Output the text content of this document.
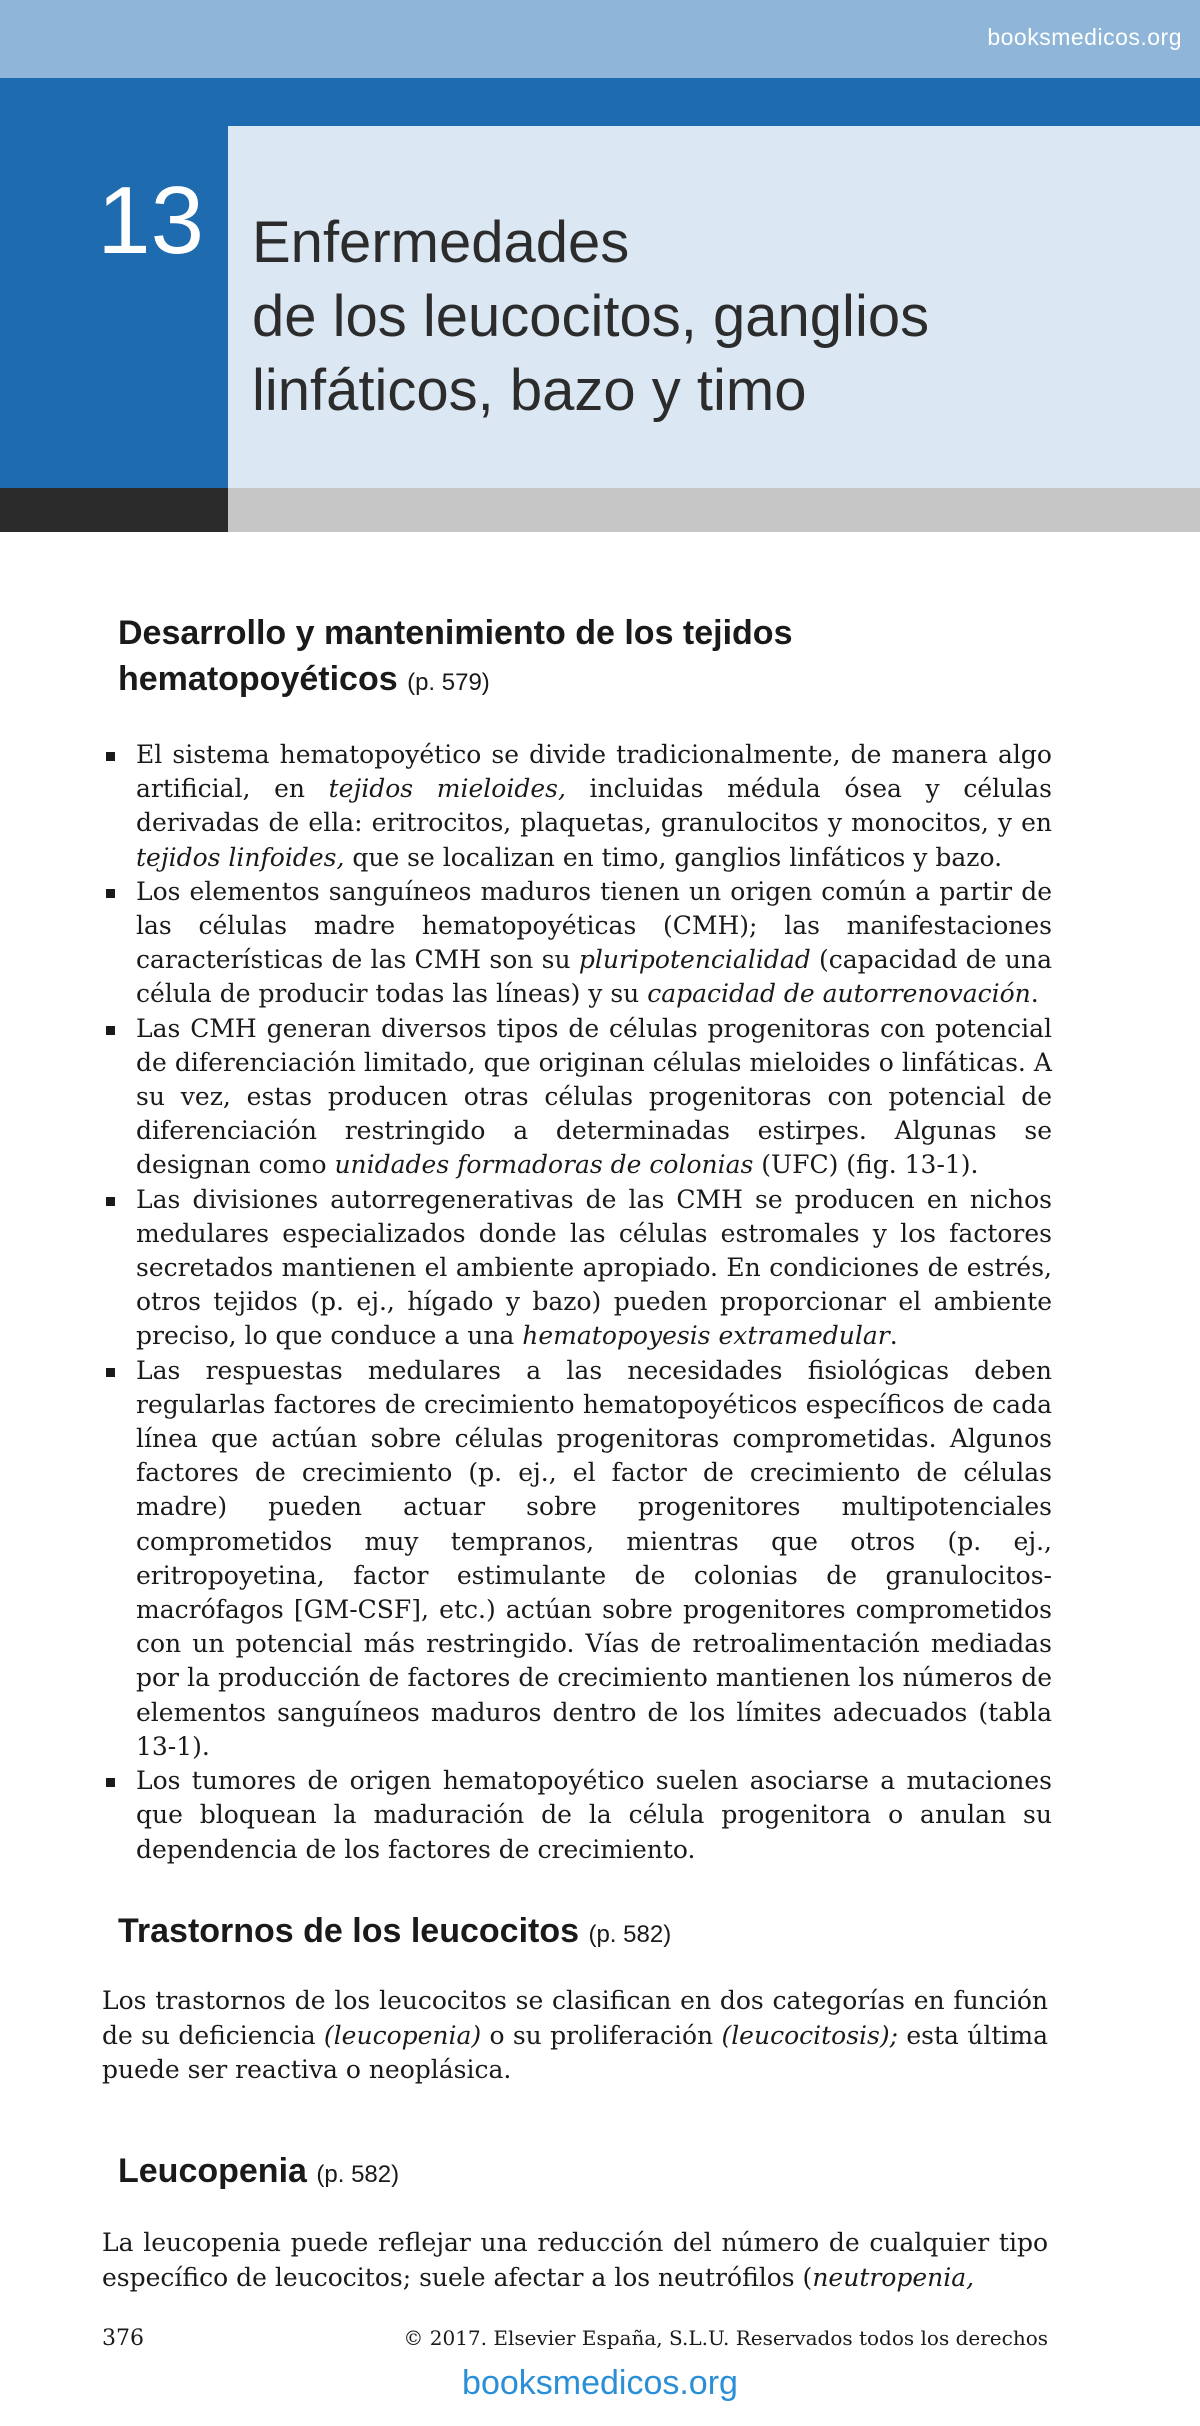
booksmedicos.org
13 Enfermedades
de los leucocitos, ganglios
linfáticos, bazo y timo
Desarrollo y mantenimiento de los tejidos
hematopoyéticos (p. 579)
El sistema hematopoyético se divide tradicionalmente, de manera algo artificial, en tejidos mieloides, incluidas médula ósea y células derivadas de ella: eritrocitos, plaquetas, granulocitos y monocitos, y en tejidos linfoides, que se localizan en timo, ganglios linfáticos y bazo.
Los elementos sanguíneos maduros tienen un origen común a partir de las células madre hematopoyéticas (CMH); las manifestaciones características de las CMH son su pluripotencialidad (capacidad de una célula de producir todas las líneas) y su capacidad de autorrenovación.
Las CMH generan diversos tipos de células progenitoras con potencial de diferenciación limitado, que originan células mieloides o linfáticas. A su vez, estas producen otras células progenitoras con potencial de diferenciación restringido a determinadas estirpes. Algunas se designan como unidades formadoras de colonias (UFC) (fig. 13-1).
Las divisiones autorregenerativas de las CMH se producen en nichos medulares especializados donde las células estromales y los factores secretados mantienen el ambiente apropiado. En condiciones de estrés, otros tejidos (p. ej., hígado y bazo) pueden proporcionar el ambiente preciso, lo que conduce a una hematopoyesis extramedular.
Las respuestas medulares a las necesidades fisiológicas deben regularlas factores de crecimiento hematopoyéticos específicos de cada línea que actúan sobre células progenitoras comprometidas. Algunos factores de crecimiento (p. ej., el factor de crecimiento de células madre) pueden actuar sobre progenitores multipotenciales comprometidos muy tempranos, mientras que otros (p. ej., eritropoyetina, factor estimulante de colonias de granulocitos-macrófagos [GM-CSF], etc.) actúan sobre progenitores comprometidos con un potencial más restringido. Vías de retroalimentación mediadas por la producción de factores de crecimiento mantienen los números de elementos sanguíneos maduros dentro de los límites adecuados (tabla 13-1).
Los tumores de origen hematopoyético suelen asociarse a mutaciones que bloquean la maduración de la célula progenitora o anulan su dependencia de los factores de crecimiento.
Trastornos de los leucocitos (p. 582)

Los trastornos de los leucocitos se clasifican en dos categorías en función de su deficiencia (leucopenia) o su proliferación (leucocitosis); esta última puede ser reactiva o neoplásica.

Leucopenia (p. 582)

La leucopenia puede reflejar una reducción del número de cualquier tipo específico de leucocitos; suele afectar a los neutrófilos (neutropenia,

376	© 2017. Elsevier España, S.L.U. Reservados todos los derechos
booksmedicos.org
